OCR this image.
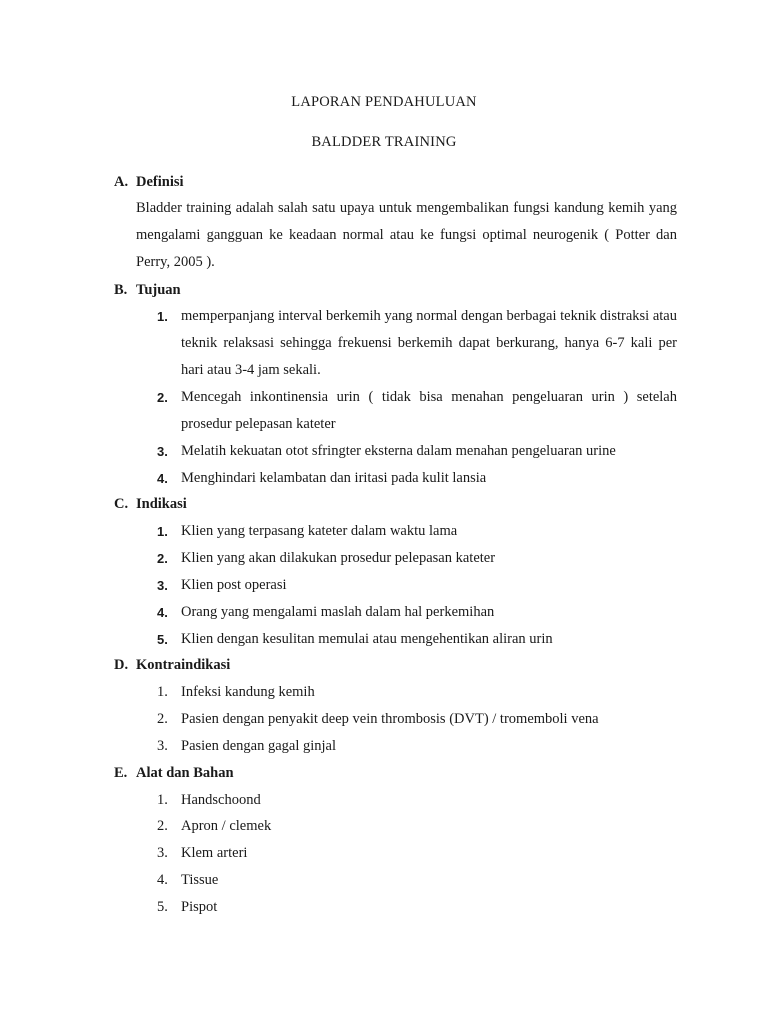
LAPORAN PENDAHULUAN
BALDDER TRAINING
A. Definisi
Bladder training adalah salah satu upaya untuk mengembalikan fungsi kandung kemih yang mengalami gangguan ke keadaan normal atau ke fungsi optimal neurogenik ( Potter dan Perry, 2005 ).
B. Tujuan
1. memperpanjang interval berkemih yang normal dengan berbagai teknik distraksi atau teknik relaksasi sehingga frekuensi berkemih dapat berkurang, hanya 6-7 kali per hari atau 3-4 jam sekali.
2. Mencegah inkontinensia urin ( tidak bisa menahan pengeluaran urin ) setelah prosedur pelepasan kateter
3. Melatih kekuatan otot sfringter eksterna dalam menahan pengeluaran urine
4. Menghindari kelambatan dan iritasi pada kulit lansia
C. Indikasi
1. Klien yang terpasang kateter dalam waktu lama
2. Klien yang akan dilakukan prosedur pelepasan kateter
3. Klien post operasi
4. Orang yang mengalami maslah dalam hal perkemihan
5. Klien dengan kesulitan memulai atau mengehentikan aliran urin
D. Kontraindikasi
1. Infeksi kandung kemih
2. Pasien dengan penyakit deep vein thrombosis (DVT) / tromemboli vena
3. Pasien dengan gagal ginjal
E. Alat dan Bahan
1. Handschoond
2. Apron / clemek
3. Klem arteri
4. Tissue
5. Pispot
